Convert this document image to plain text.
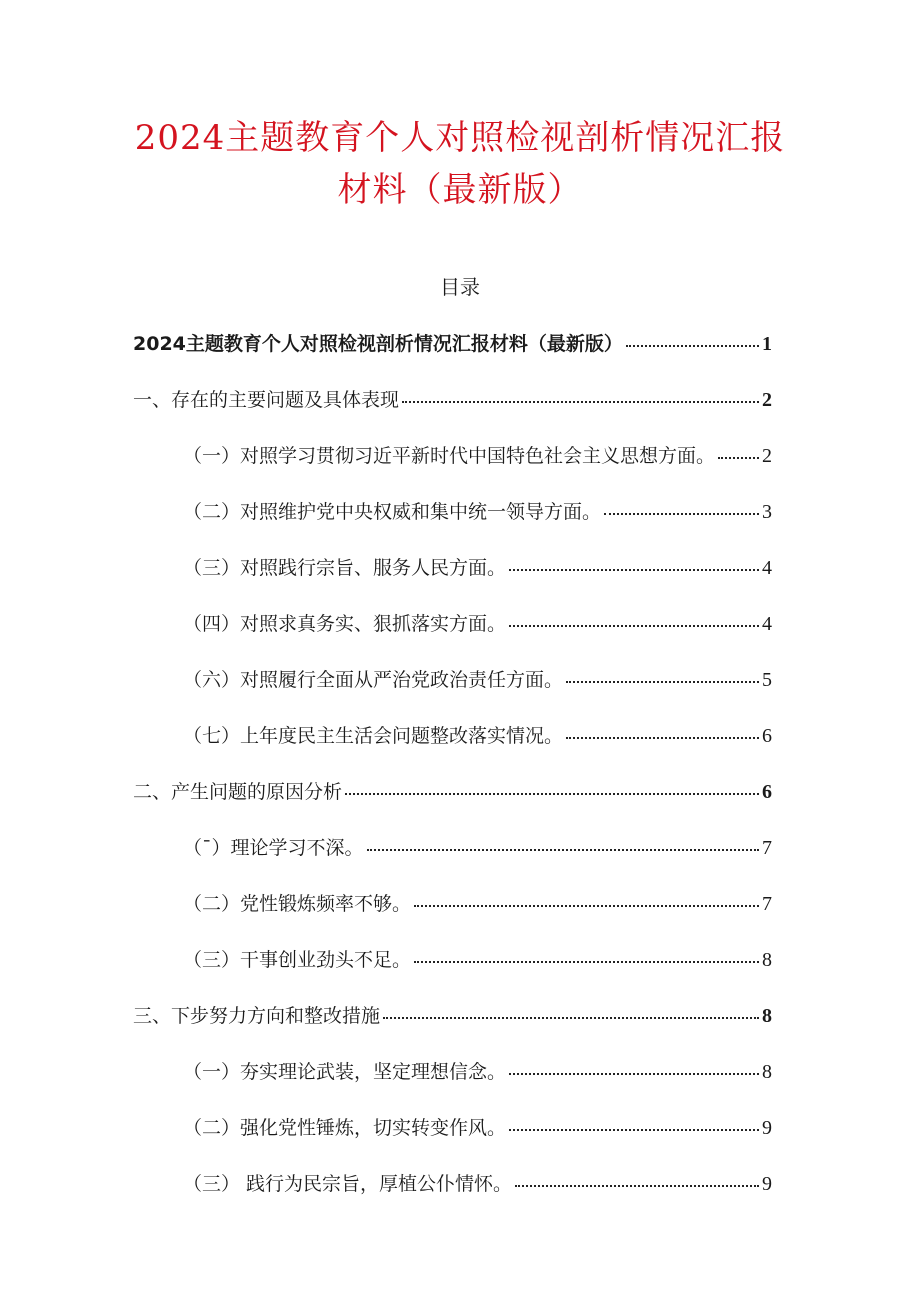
2024主题教育个人对照检视剖析情况汇报
材料（最新版）
目录
2024主题教育个人对照检视剖析情况汇报材料（最新版）	1
一、存在的主要问题及具体表现	2
（一）对照学习贯彻习近平新时代中国特色社会主义思想方面。 2
（二）对照维护党中央权威和集中统一领导方面。	3
（三）对照践行宗旨、服务人民方面。	4
（四）对照求真务实、狠抓落实方面。	4
（六）对照履行全面从严治党政治责任方面。	5
（七）上年度民主生活会问题整改落实情况。	6
二、产生问题的原因分析	6
（¯）理论学习不深。	7
（二）党性锻炼频率不够。	7
（三）干事创业劲头不足。	8
三、下步努力方向和整改措施	8
（一）夯实理论武装，坚定理想信念。	8
（二）强化党性锤炼，切实转变作风。	9
（三） 践行为民宗旨，厚植公仆情怀。	9
